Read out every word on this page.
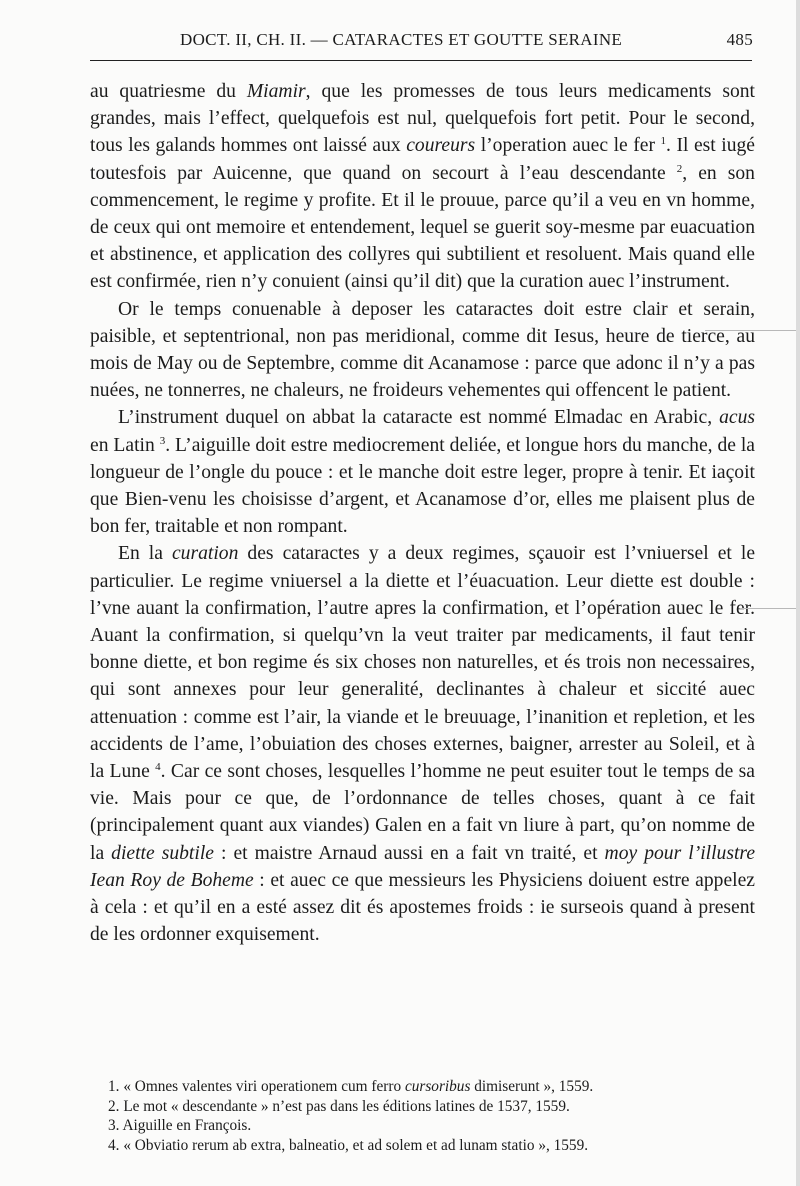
DOCT. II, CH. II. — CATARACTES ET GOUTTE SERAINE	485

au quatriesme du Miamir, que les promesses de tous leurs medicaments sont grandes, mais l’effect, quelquefois est nul, quelquefois fort petit. Pour le second, tous les galands hommes ont laissé aux coureurs l’operation auec le fer $^1$. Il est iugé toutesfois par Auicenne, que quand on secourt à l’eau descendante $^2$, en son commencement, le regime y profite. Et il le prouue, parce qu’il a veu en vn homme, de ceux qui ont memoire et entendement, lequel se guerit soy-mesme par euacuation et abstinence, et application des collyres qui subtilient et resoluent. Mais quand elle est confirmée, rien n’y conuient (ainsi qu’il dit) que la curation auec l’instrument.

Or le temps conuenable à deposer les cataractes doit estre clair et serain, paisible, et septentrional, non pas meridional, comme dit Iesus, heure de tierce, au mois de May ou de Septembre, comme dit Acanamose : parce que adonc il n’y a pas nuées, ne tonnerres, ne chaleurs, ne froideurs vehementes qui offencent le patient.

L’instrument duquel on abbat la cataracte est nommé Elmadac en Arabic, acus en Latin $^3$. L’aiguille doit estre mediocrement deliée, et longue hors du manche, de la longueur de l’ongle du pouce : et le manche doit estre leger, propre à tenir. Et iaçoit que Bien-venu les choisisse d’argent, et Acanamose d’or, elles me plaisent plus de bon fer, traitable et non rompant.

En la curation des cataractes y a deux regimes, sçauoir est l’vniuersel et le particulier. Le regime vniuersel a la diette et l’éuacuation. Leur diette est double : l’vne auant la confirmation, l’autre apres la confirmation, et l’opération auec le fer. Auant la confirmation, si quelqu’vn la veut traiter par medicaments, il faut tenir bonne diette, et bon regime és six choses non naturelles, et és trois non necessaires, qui sont annexes pour leur generalité, declinantes à chaleur et siccité auec attenuation : comme est l’air, la viande et le breuuage, l’inanition et repletion, et les accidents de l’ame, l’obuiation des choses externes, baigner, arrester au Soleil, et à la Lune $^4$. Car ce sont choses, lesquelles l’homme ne peut esuiter tout le temps de sa vie. Mais pour ce que, de l’ordonnance de telles choses, quant à ce fait (principalement quant aux viandes) Galen en a fait vn liure à part, qu’on nomme de la diette subtile : et maistre Arnaud aussi en a fait vn traité, et moy pour l’illustre Iean Roy de Boheme : et auec ce que messieurs les Physiciens doiuent estre appelez à cela : et qu’il en a esté assez dit és apostemes froids : ie surseois quand à present de les ordonner exquisement.

1. « Omnes valentes viri operationem cum ferro cursoribus dimiserunt », 1559.
2. Le mot « descendante » n’est pas dans les éditions latines de 1537, 1559.
3. Aiguille en François.
4. « Obviatio rerum ab extra, balneatio, et ad solem et ad lunam statio », 1559.
